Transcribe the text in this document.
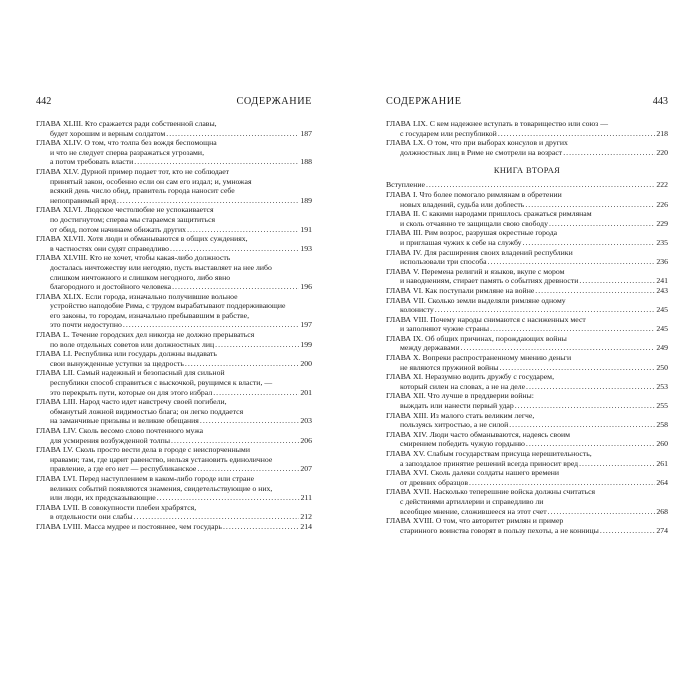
442	СОДЕРЖАНИЕ
ГЛАВА XLIII. Кто сражается ради собственной славы,
будет хорошим и верным солдатом .....	187
ГЛАВА XLIV. О том, что толпа без вождя беспомощна
и что не следует сперва разражаться угрозами,
а потом требовать власти .....	188
ГЛАВА XLV. Дурной пример подает тот, кто не соблюдает
принятый закон, особенно если он сам его издал; и, умножая
всякий день число обид, правитель города наносит себе
непоправимый вред .....	189
ГЛАВА XLVI. Людское честолюбие не успокаивается
по достигнутом; сперва мы стараемся защититься
от обид, потом начинаем обижать других .....	191
ГЛАВА XLVII. Хотя люди и обманываются в общих суждениях,
в частностях они судят справедливо .....	193
ГЛАВА XLVIII. Кто не хочет, чтобы какая-либо должность
досталась ничтожеству или негодяю, пусть выставляет на нее либо
слишком ничтожного и слишком негодного, либо явно
благородного и достойного человека .....	196
ГЛАВА XLIX. Если города, изначально получившие вольное
устройство наподобие Рима, с трудом вырабатывают поддерживающие
его законы, то городам, изначально пребывавшим в рабстве,
это почти недоступно .....	197
ГЛАВА L. Течение городских дел никогда не должно прерываться
по воле отдельных советов или должностных лиц .....	199
ГЛАВА LI. Республика или государь должны выдавать
свои вынужденные уступки за щедрость .....	200
ГЛАВА LII. Самый надежный и безопасный для сильной
республики способ справиться с выскочкой, рвущимся к власти, —
это перекрыть пути, которые он для этого избрал .....	201
ГЛАВА LIII. Народ часто идет навстречу своей погибели,
обманутый ложной видимостью блага; он легко поддается
на заманчивые призывы и великие обещания .....	203
ГЛАВА LIV. Сколь весомо слово почтенного мужа
для усмирения возбужденной толпы .....	206
ГЛАВА LV. Сколь просто вести дела в городе с неиспорченными
нравами; там, где царит равенство, нельзя установить единоличное
правление, а где его нет — республиканское .....	207
ГЛАВА LVI. Перед наступлением в каком-либо городе или стране
великих событий появляются знамения, свидетельствующие о них,
или люди, их предсказывающие .....	211
ГЛАВА LVII. В совокупности плебеи храбрятся,
в отдельности они слабы .....	212
ГЛАВА LVIII. Масса мудрее и постояннее, чем государь .....	214
СОДЕРЖАНИЕ	443
ГЛАВА LIX. С кем надежнее вступать в товарищество или союз —
с государем или республикой .....	218
ГЛАВА LX. О том, что при выборах консулов и других
должностных лиц в Риме не смотрели на возраст .....	220
КНИГА ВТОРАЯ
Вступление .....	222
ГЛАВА I. Что более помогало римлянам в обретении
новых владений, судьба или доблесть .....	226
ГЛАВА II. С какими народами пришлось сражаться римлянам
и сколь отчаянно те защищали свою свободу .....	229
ГЛАВА III. Рим возрос, разрушая окрестные города
и приглашая чужих к себе на службу .....	235
ГЛАВА IV. Для расширения своих владений республики
использовали три способа .....	236
ГЛАВА V. Перемена религий и языков, вкупе с мором
и наводнениям, стирает память о событиях древности .....	241
ГЛАВА VI. Как поступали римляне на войне .....	243
ГЛАВА VII. Сколько земли выделяли римляне одному
колонисту .....	245
ГЛАВА VIII. Почему народы снимаются с насиженных мест
и заполняют чужие страны .....	245
ГЛАВА IX. Об общих причинах, порождающих войны
между державами .....	249
ГЛАВА X. Вопреки распространенному мнению деньги
не являются пружиной войны .....	250
ГЛАВА XI. Неразумно водить дружбу с государем,
который силен на словах, а не на деле .....	253
ГЛАВА XII. Что лучше в преддверии войны:
выждать или нанести первый удар .....	255
ГЛАВА XIII. Из малого стать великим легче,
пользуясь хитростью, а не силой .....	258
ГЛАВА XIV. Люди часто обманываются, надеясь своим
смирением победить чужую гордыню .....	260
ГЛАВА XV. Слабым государствам присуща нерешительность,
а запоздалое принятие решений всегда приносит вред .....	261
ГЛАВА XVI. Сколь далеки солдаты нашего времени
от древних образцов .....	264
ГЛАВА XVII. Насколько теперешние войска должны считаться
с действиями артиллерии и справедливо ли
всеобщее мнение, сложившееся на этот счет .....	268
ГЛАВА XVIII. О том, что авторитет римлян и пример
старинного воинства говорят в пользу пехоты, а не конницы .....	274
